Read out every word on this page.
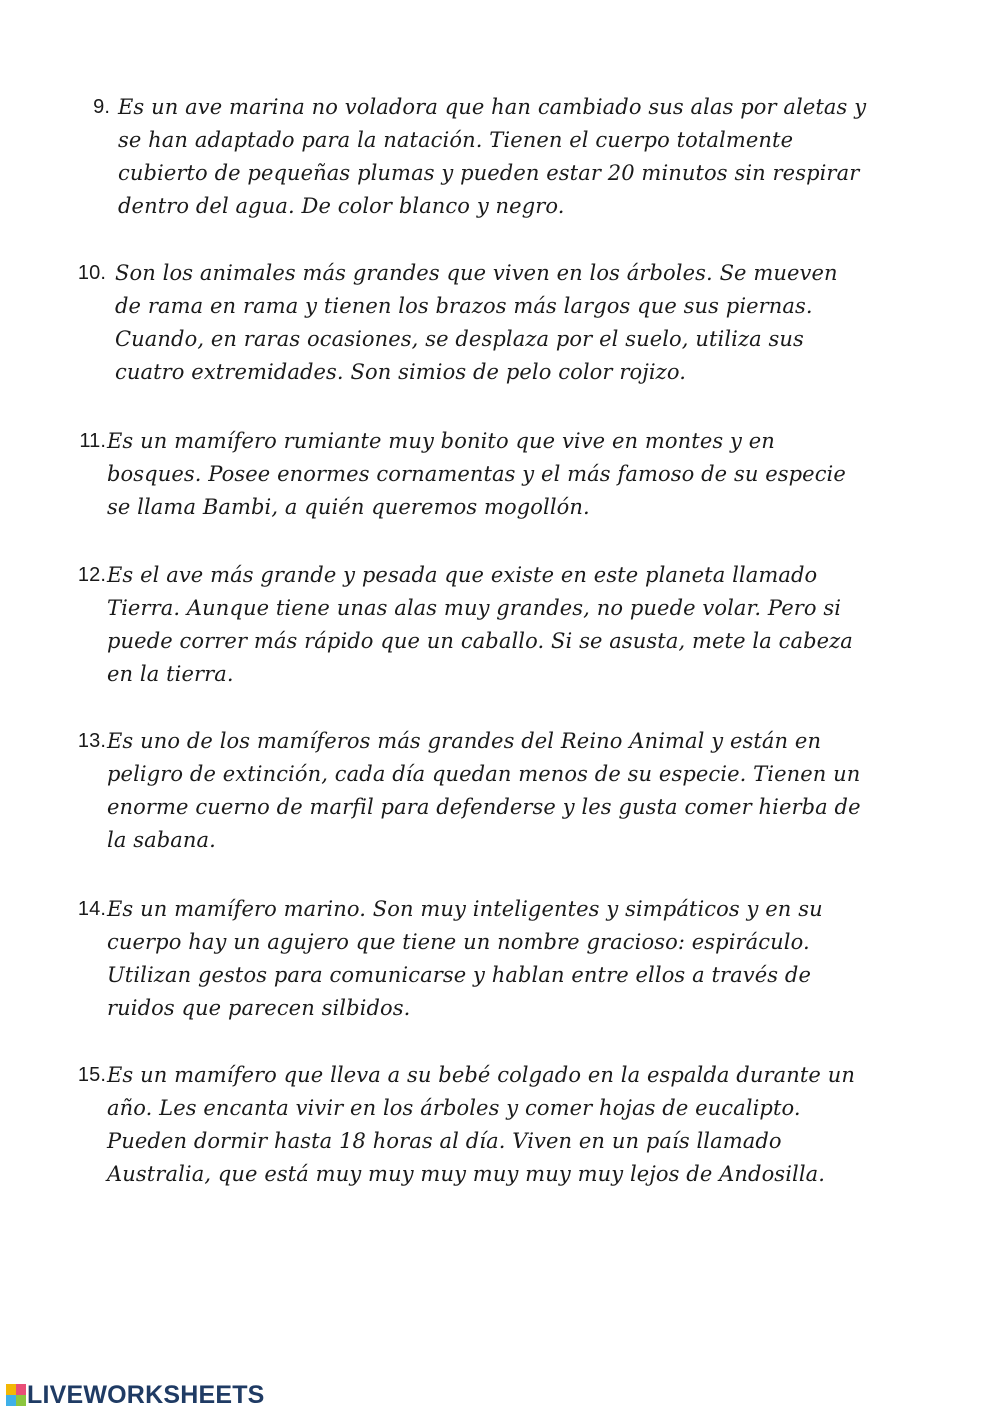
9. Es un ave marina no voladora que han cambiado sus alas por aletas y se han adaptado para la natación. Tienen el cuerpo totalmente cubierto de pequeñas plumas y pueden estar 20 minutos sin respirar dentro del agua. De color blanco y negro.
10. Son los animales más grandes que viven en los árboles. Se mueven de rama en rama y tienen los brazos más largos que sus piernas. Cuando, en raras ocasiones, se desplaza por el suelo, utiliza sus cuatro extremidades. Son simios de pelo color rojizo.
11. Es un mamífero rumiante muy bonito que vive en montes y en bosques. Posee enormes cornamentas y el más famoso de su especie se llama Bambi, a quién queremos mogollón.
12. Es el ave más grande y pesada que existe en este planeta llamado Tierra. Aunque tiene unas alas muy grandes, no puede volar. Pero si puede correr más rápido que un caballo. Si se asusta, mete la cabeza en la tierra.
13. Es uno de los mamíferos más grandes del Reino Animal y están en peligro de extinción, cada día quedan menos de su especie. Tienen un enorme cuerno de marfil para defenderse y les gusta comer hierba de la sabana.
14. Es un mamífero marino. Son muy inteligentes y simpáticos y en su cuerpo hay un agujero que tiene un nombre gracioso: espiráculo. Utilizan gestos para comunicarse y hablan entre ellos a través de ruidos que parecen silbidos.
15. Es un mamífero que lleva a su bebé colgado en la espalda durante un año. Les encanta vivir en los árboles y comer hojas de eucalipto. Pueden dormir hasta 18 horas al día. Viven en un país llamado Australia, que está muy muy muy muy muy muy lejos de Andosilla.
LIVEWORKSHEETS
